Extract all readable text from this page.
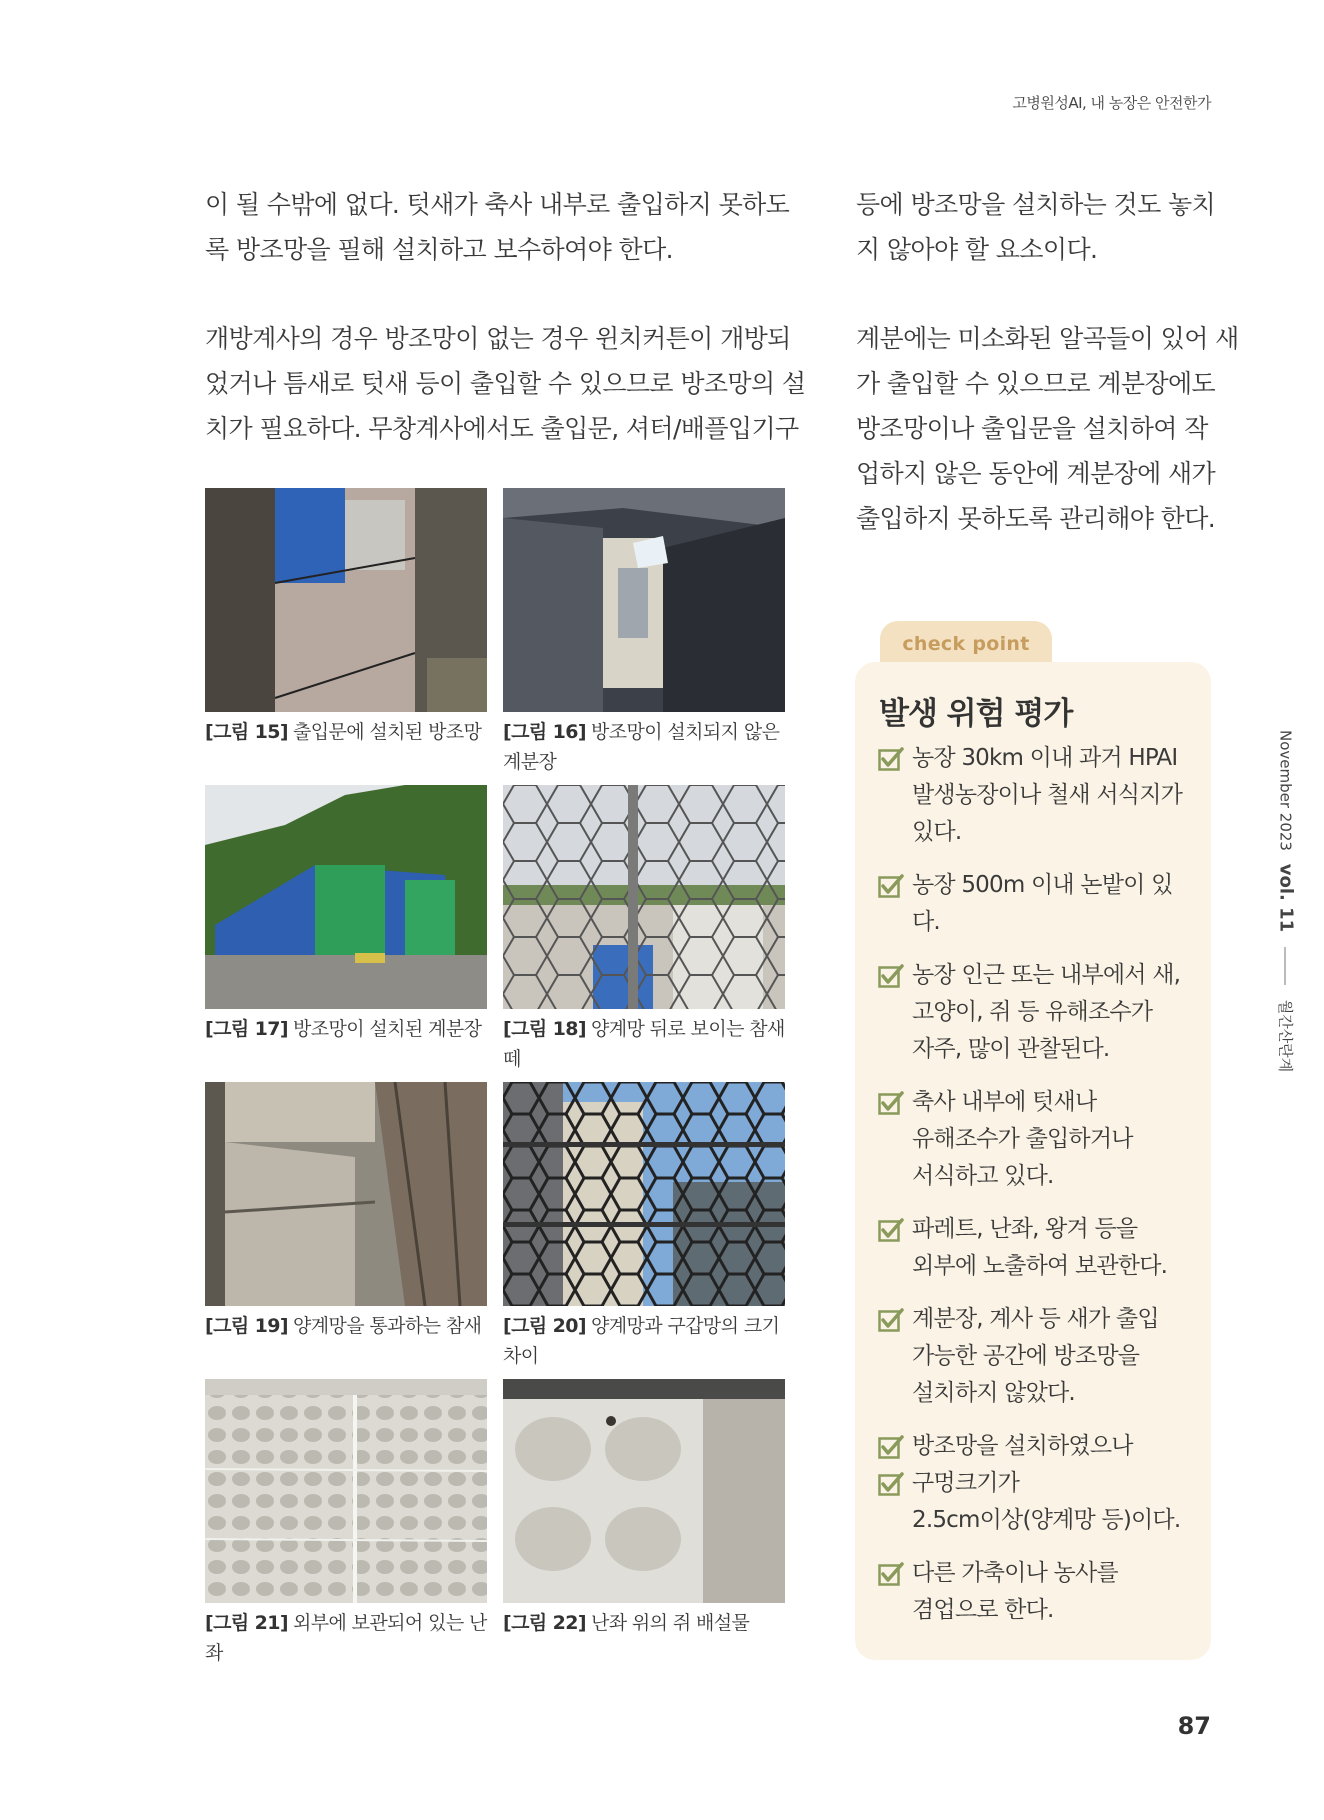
고병원성AI, 내 농장은 안전한가

이 될 수밖에 없다. 텃새가 축사 내부로 출입하지 못하도

록 방조망을 필해 설치하고 보수하여야 한다.

개방계사의 경우 방조망이 없는 경우 윈치커튼이 개방되

었거나 틈새로 텃새 등이 출입할 수 있으므로 방조망의 설

치가 필요하다. 무창계사에서도 출입문, 셔터/배플입기구

등에 방조망을 설치하는 것도 놓치

지 않아야 할 요소이다.

계분에는 미소화된 알곡들이 있어 새

가 출입할 수 있으므로 계분장에도

방조망이나 출입문을 설치하여 작

업하지 않은 동안에 계분장에 새가

출입하지 못하도록 관리해야 한다.

[그림 15] 출입문에 설치된 방조망 [그림 16] 방조망이 설치되지 않은 계분장
[그림 17] 방조망이 설치된 계분장 [그림 18] 양계망 뒤로 보이는 참새 떼
[그림 19] 양계망을 통과하는 참새 [그림 20] 양계망과 구갑망의 크기 차이
[그림 21] 외부에 보관되어 있는 난좌
[그림 22] 난좌 위의 쥐 배설물
check point
발생 위험 평가
농장 30km 이내 과거 HPAI
발생농장이나 철새 서식지가
있다.
농장 500m 이내 논밭이 있다.
농장 인근 또는 내부에서 새,
고양이, 쥐 등 유해조수가
자주, 많이 관찰된다.
축사 내부에 텃새나
유해조수가 출입하거나
서식하고 있다.
파레트, 난좌, 왕겨 등을
외부에 노출하여 보관한다.
계분장, 계사 등 새가 출입
가능한 공간에 방조망을
설치하지 않았다.
방조망을 설치하였으나
구멍크기가
2.5cm이상(양계망 등)이다.
다른 가축이나 농사를
겸업으로 한다.
November 2023 vol. 11  월간산란계
87
